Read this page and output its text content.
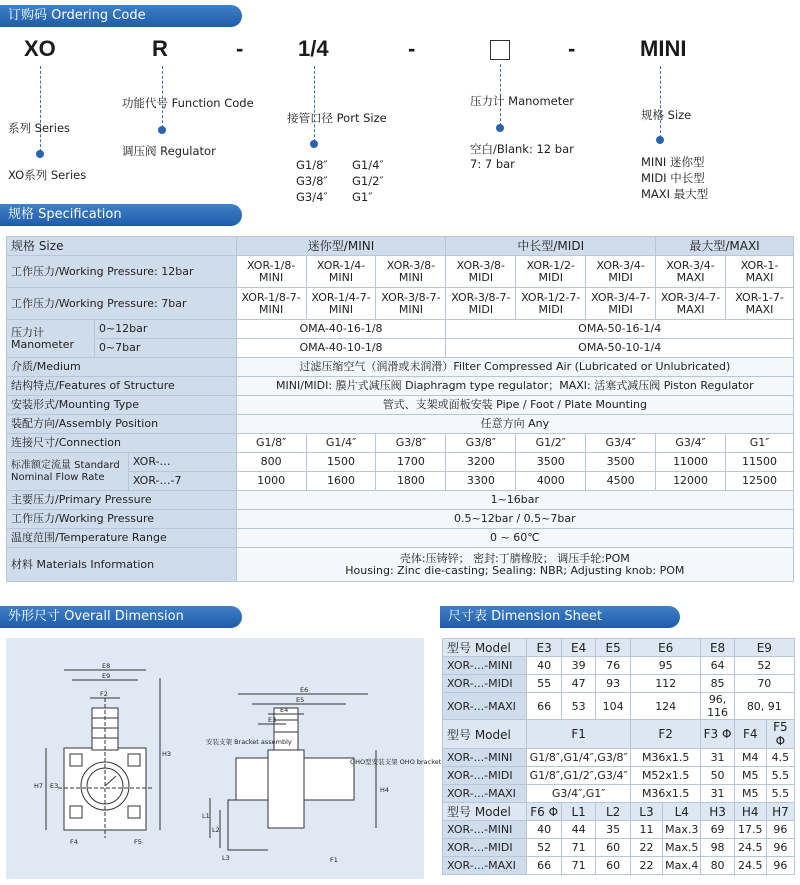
订购码 Ordering Code
规格 Specification
外形尺寸 Overall Dimension	尺寸表 Dimension Sheet
XO	R	- 1/4	-	-	MINI
系列 Series
XO系列 Series
功能代号 Function Code
调压阀 Regulator
接管口径 Port Size
G1/8″ G1/4″
G3/8″ G1/2″
G3/4″ G1″
压力计 Manometer
空白/Blank: 12 bar
7: 7 bar
规格 Size
MINI 迷你型
MIDI 中长型
MAXI 最大型
规格 Size			迷你型/MINI			中长型/MIDI			最大型/MAXI	
工作压力/Working Pressure: 12bar			XOR-1/8-MINI	XOR-1/4-MINI	XOR-3/8-MINI	XOR-3/8-MIDI	XOR-1/2-MIDI	XOR-3/4-MIDI	XOR-3/4-MAXI	XOR-1-MAXI
工作压力/Working Pressure: 7bar			XOR-1/8-7-MINI	XOR-1/4-7-MINI	XOR-3/8-7-MINI	XOR-3/8-7-MIDI	XOR-1/2-7-MIDI	XOR-3/4-7-MIDI	XOR-3/4-7-MAXI	XOR-1-7-MAXI
压力计 Manometer	0~12bar		OMA-40-16-1/8			OMA-50-16-1/4				
	0~7bar		OMA-40-10-1/8			OMA-50-10-1/4				
介质/Medium			过滤压缩空气（润滑或未润滑）Filter Compressed Air (Lubricated or Unlubricated)							
结构特点/Features of Structure			MINI/MIDI: 膜片式减压阀 Diaphragm type regulator；MAXI: 活塞式减压阀 Piston Regulator							
安装形式/Mounting Type			管式、支架或面板安装 Pipe / Foot / Plate Mounting							
装配方向/Assembly Position			任意方向 Any							
连接尺寸/Connection			G1/8″	G1/4″	G3/8″	G3/8″	G1/2″	G3/4″	G3/4″	G1″
标准额定流量 Standard Nominal Flow Rate		XOR-…	800	1500	1700	3200	3500	3500	11000	11500
		XOR-…-7	1000	1600	1800	3300	4000	4500	12000	12500
主要压力/Primary Pressure			1~16bar							
工作压力/Working Pressure			0.5~12bar / 0.5~7bar							
温度范围/Temperature Range			0 ~ 60℃							
材料 Materials Information			壳体:压铸锌； 密封:丁腈橡胶； 调压手轮:POM
Housing: Zinc die-casting; Sealing: NBR; Adjusting knob: POM							
E8
E9
F2
E3
F4	F5
H3
H7
E6
E5
E4
L1
L2
L3	F1
H4
E3
安装支架 Bracket assembly
OHO型安装支架 OHO bracket
型号 Model	E3	E4	E5	E6		E8	E9	
XOR-...-MINI	40	39	76	95		64	52	
XOR-...-MIDI	55	47	93	112		85	70	
XOR-...-MAXI	66	53	104	124		96, 116	80, 91	
型号 Model	F1			F2		F3 Φ	F4	F5 Φ
XOR-...-MINI	G1/8″,G1/4″,G3/8″			M36x1.5		31	M4	4.5
XOR-...-MIDI	G1/8″,G1/2″,G3/4″			M52x1.5		50	M5	5.5
XOR-...-MAXI	G3/4″,G1″			M36x1.5		31	M5	5.5
型号 Model	F6 Φ	L1	L2	L3	L4	H3	H4	H7
XOR-...-MINI	40	44	35	11	Max.3	69	17.5	96
XOR-...-MIDI	52	71	60	22	Max.5	98	24.5	96
XOR-...-MAXI	66	71	60	22	Max.4	80	24.5	96
